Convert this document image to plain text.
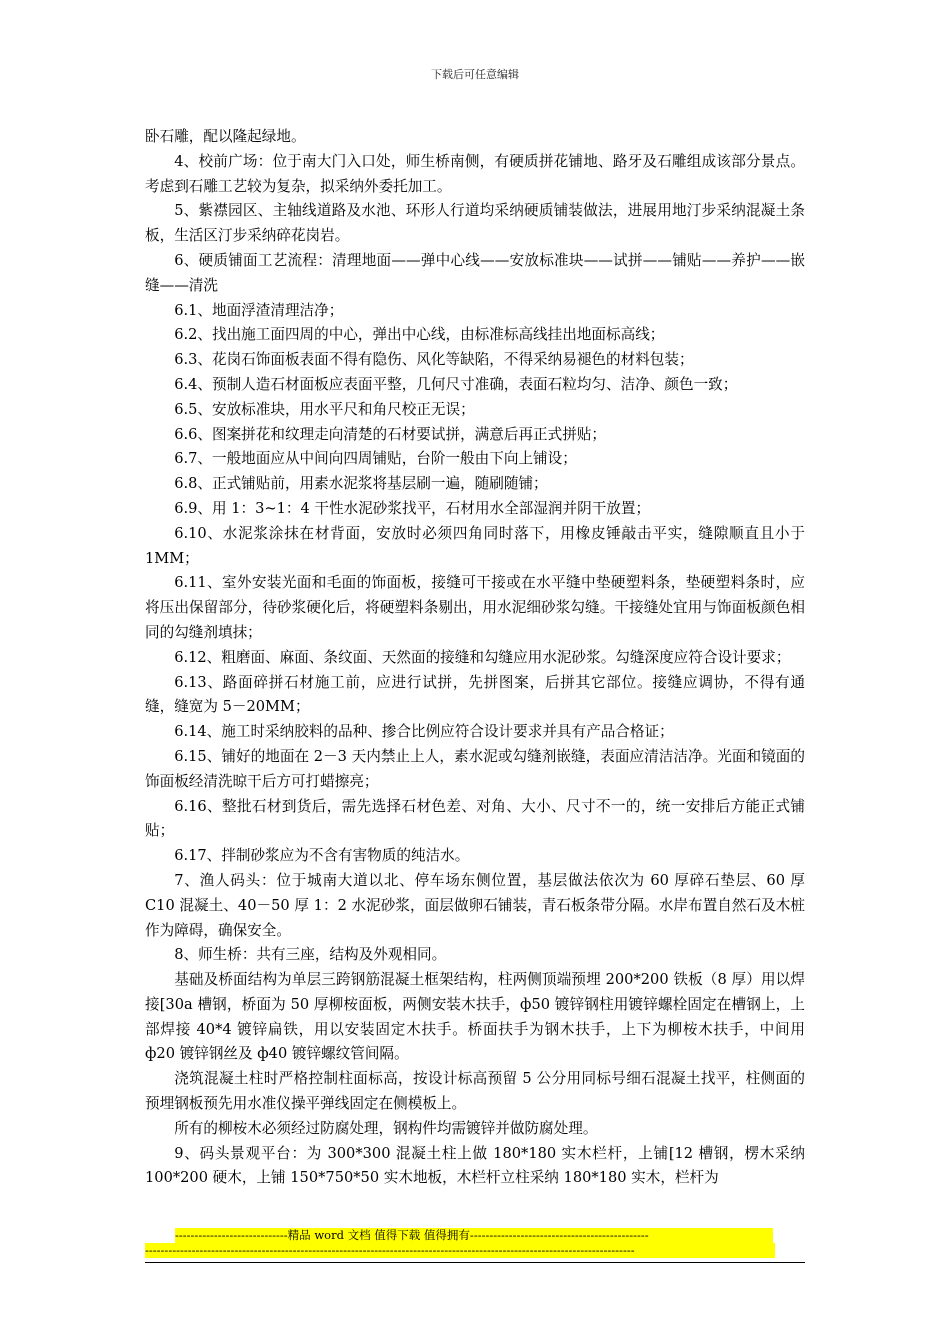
下载后可任意编辑

卧石雕，配以隆起绿地。

4、校前广场：位于南大门入口处，师生桥南侧，有硬质拼花铺地、路牙及石雕组成该部分景点。考虑到石雕工艺较为复杂，拟采纳外委托加工。

5、紫襟园区、主轴线道路及水池、环形人行道均采纳硬质铺装做法，进展用地汀步采纳混凝土条板，生活区汀步采纳碎花岗岩。

6、硬质铺面工艺流程：清理地面——弹中心线——安放标准块——试拼——铺贴——养护——嵌缝——清洗

6.1、地面浮渣清理洁净；

6.2、找出施工面四周的中心，弹出中心线，由标准标高线挂出地面标高线；

6.3、花岗石饰面板表面不得有隐伤、风化等缺陷，不得采纳易褪色的材料包装；

6.4、预制人造石材面板应表面平整，几何尺寸准确，表面石粒均匀、洁净、颜色一致；

6.5、安放标准块，用水平尺和角尺校正无误；

6.6、图案拼花和纹理走向清楚的石材要试拼，满意后再正式拼贴；

6.7、一般地面应从中间向四周铺贴，台阶一般由下向上铺设；

6.8、正式铺贴前，用素水泥浆将基层刷一遍，随刷随铺；

6.9、用 1：3~1：4 干性水泥砂浆找平，石材用水全部湿润并阴干放置；

6.10、水泥浆涂抹在材背面，安放时必须四角同时落下，用橡皮锤敲击平实，缝隙顺直且小于 1MM；

6.11、室外安装光面和毛面的饰面板，接缝可干接或在水平缝中垫硬塑料条，垫硬塑料条时，应将压出保留部分，待砂浆硬化后，将硬塑料条剔出，用水泥细砂浆勾缝。干接缝处宜用与饰面板颜色相同的勾缝剂填抹；

6.12、粗磨面、麻面、条纹面、天然面的接缝和勾缝应用水泥砂浆。勾缝深度应符合设计要求；

6.13、路面碎拼石材施工前，应进行试拼，先拼图案，后拼其它部位。接缝应调协，不得有通缝，缝宽为 5－20MM；

6.14、施工时采纳胶料的品种、掺合比例应符合设计要求并具有产品合格证；

6.15、铺好的地面在 2－3 天内禁止上人，素水泥或勾缝剂嵌缝，表面应清洁洁净。光面和镜面的饰面板经清洗晾干后方可打蜡擦亮；

6.16、整批石材到货后，需先选择石材色差、对角、大小、尺寸不一的，统一安排后方能正式铺贴；

6.17、拌制砂浆应为不含有害物质的纯洁水。

7、渔人码头：位于城南大道以北、停车场东侧位置，基层做法依次为 60 厚碎石垫层、60 厚 C10 混凝土、40－50 厚 1：2 水泥砂浆，面层做卵石铺装，青石板条带分隔。水岸布置自然石及木桩作为障碍，确保安全。

8、师生桥：共有三座，结构及外观相同。

基础及桥面结构为单层三跨钢筋混凝土框架结构，柱两侧顶端预埋 200*200 铁板（8 厚）用以焊接[30a 槽钢，桥面为 50 厚柳桉面板，两侧安装木扶手，ф50 镀锌钢柱用镀锌螺栓固定在槽钢上，上部焊接 40*4 镀锌扁铁，用以安装固定木扶手。桥面扶手为钢木扶手，上下为柳桉木扶手，中间用 ф20 镀锌钢丝及 ф40 镀锌螺纹管间隔。

浇筑混凝土柱时严格控制柱面标高，按设计标高预留 5 公分用同标号细石混凝土找平，柱侧面的预埋钢板预先用水准仪操平弹线固定在侧模板上。

所有的柳桉木必须经过防腐处理，钢构件均需镀锌并做防腐处理。

9、码头景观平台：为 300*300 混凝土柱上做 180*180 实木栏杆，上铺[12 槽钢，楞木采纳 100*200 硬木，上铺 150*750*50 实木地板，木栏杆立柱采纳 180*180 实木，栏杆为

-----------------------------精品 word 文档 值得下载 值得拥有----------------------------------------------
------------------------------------------------------------------------------------------------------------------------------
